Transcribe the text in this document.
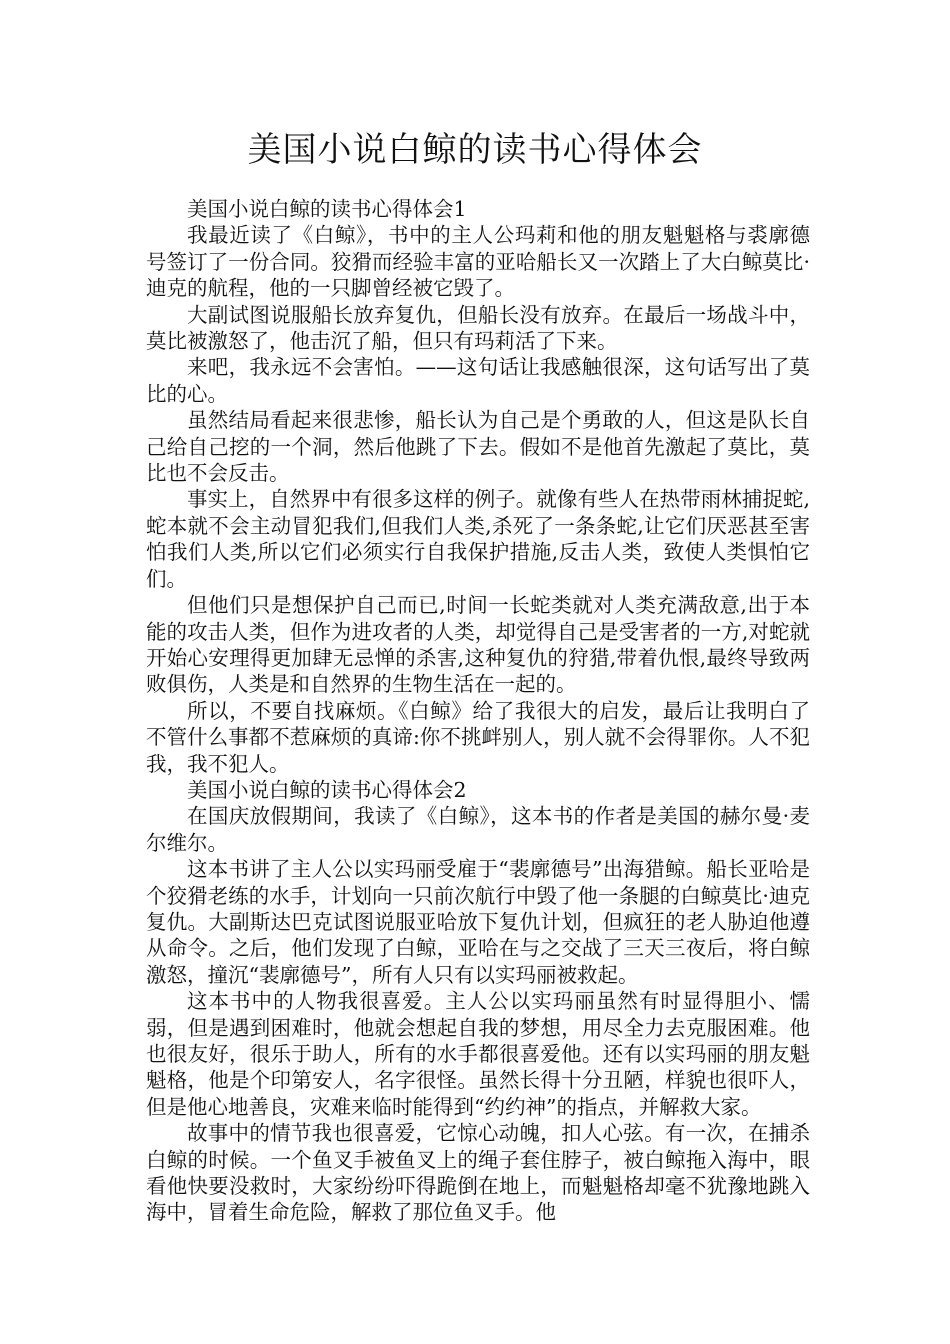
美国小说白鲸的读书心得体会

美国小说白鲸的读书心得体会1

我最近读了《白鲸》，书中的主人公玛莉和他的朋友魁魁格与裘廓德号签订了一份合同。狡猾而经验丰富的亚哈船长又一次踏上了大白鲸莫比·迪克的航程，他的一只脚曾经被它毁了。

大副试图说服船长放弃复仇，但船长没有放弃。在最后一场战斗中，莫比被激怒了，他击沉了船，但只有玛莉活了下来。

来吧，我永远不会害怕。——这句话让我感触很深，这句话写出了莫比的心。

虽然结局看起来很悲惨，船长认为自己是个勇敢的人，但这是队长自己给自己挖的一个洞，然后他跳了下去。假如不是他首先激起了莫比，莫比也不会反击。

事实上，自然界中有很多这样的例子。就像有些人在热带雨林捕捉蛇,蛇本就不会主动冒犯我们,但我们人类,杀死了一条条蛇,让它们厌恶甚至害怕我们人类,所以它们必须实行自我保护措施,反击人类，致使人类惧怕它们。

但他们只是想保护自己而已,时间一长蛇类就对人类充满敌意,出于本能的攻击人类，但作为进攻者的人类，却觉得自己是受害者的一方,对蛇就开始心安理得更加肆无忌惮的杀害,这种复仇的狩猎,带着仇恨,最终导致两败俱伤，人类是和自然界的生物生活在一起的。

所以，不要自找麻烦。《白鲸》给了我很大的启发，最后让我明白了不管什么事都不惹麻烦的真谛:你不挑衅别人，别人就不会得罪你。人不犯我，我不犯人。

美国小说白鲸的读书心得体会2

在国庆放假期间，我读了《白鲸》，这本书的作者是美国的赫尔曼·麦尔维尔。

这本书讲了主人公以实玛丽受雇于“裴廓德号”出海猎鲸。船长亚哈是个狡猾老练的水手，计划向一只前次航行中毁了他一条腿的白鲸莫比·迪克复仇。大副斯达巴克试图说服亚哈放下复仇计划，但疯狂的老人胁迫他遵从命令。之后，他们发现了白鲸，亚哈在与之交战了三天三夜后，将白鲸激怒，撞沉“裴廓德号”，所有人只有以实玛丽被救起。

这本书中的人物我很喜爱。主人公以实玛丽虽然有时显得胆小、懦弱，但是遇到困难时，他就会想起自我的梦想，用尽全力去克服困难。他也很友好，很乐于助人，所有的水手都很喜爱他。还有以实玛丽的朋友魁魁格，他是个印第安人，名字很怪。虽然长得十分丑陋，样貌也很吓人，但是他心地善良，灾难来临时能得到“约约神”的指点，并解救大家。

故事中的情节我也很喜爱，它惊心动魄，扣人心弦。有一次，在捕杀白鲸的时候。一个鱼叉手被鱼叉上的绳子套住脖子，被白鲸拖入海中，眼看他快要没救时，大家纷纷吓得跪倒在地上，而魁魁格却毫不犹豫地跳入海中，冒着生命危险，解救了那位鱼叉手。他
